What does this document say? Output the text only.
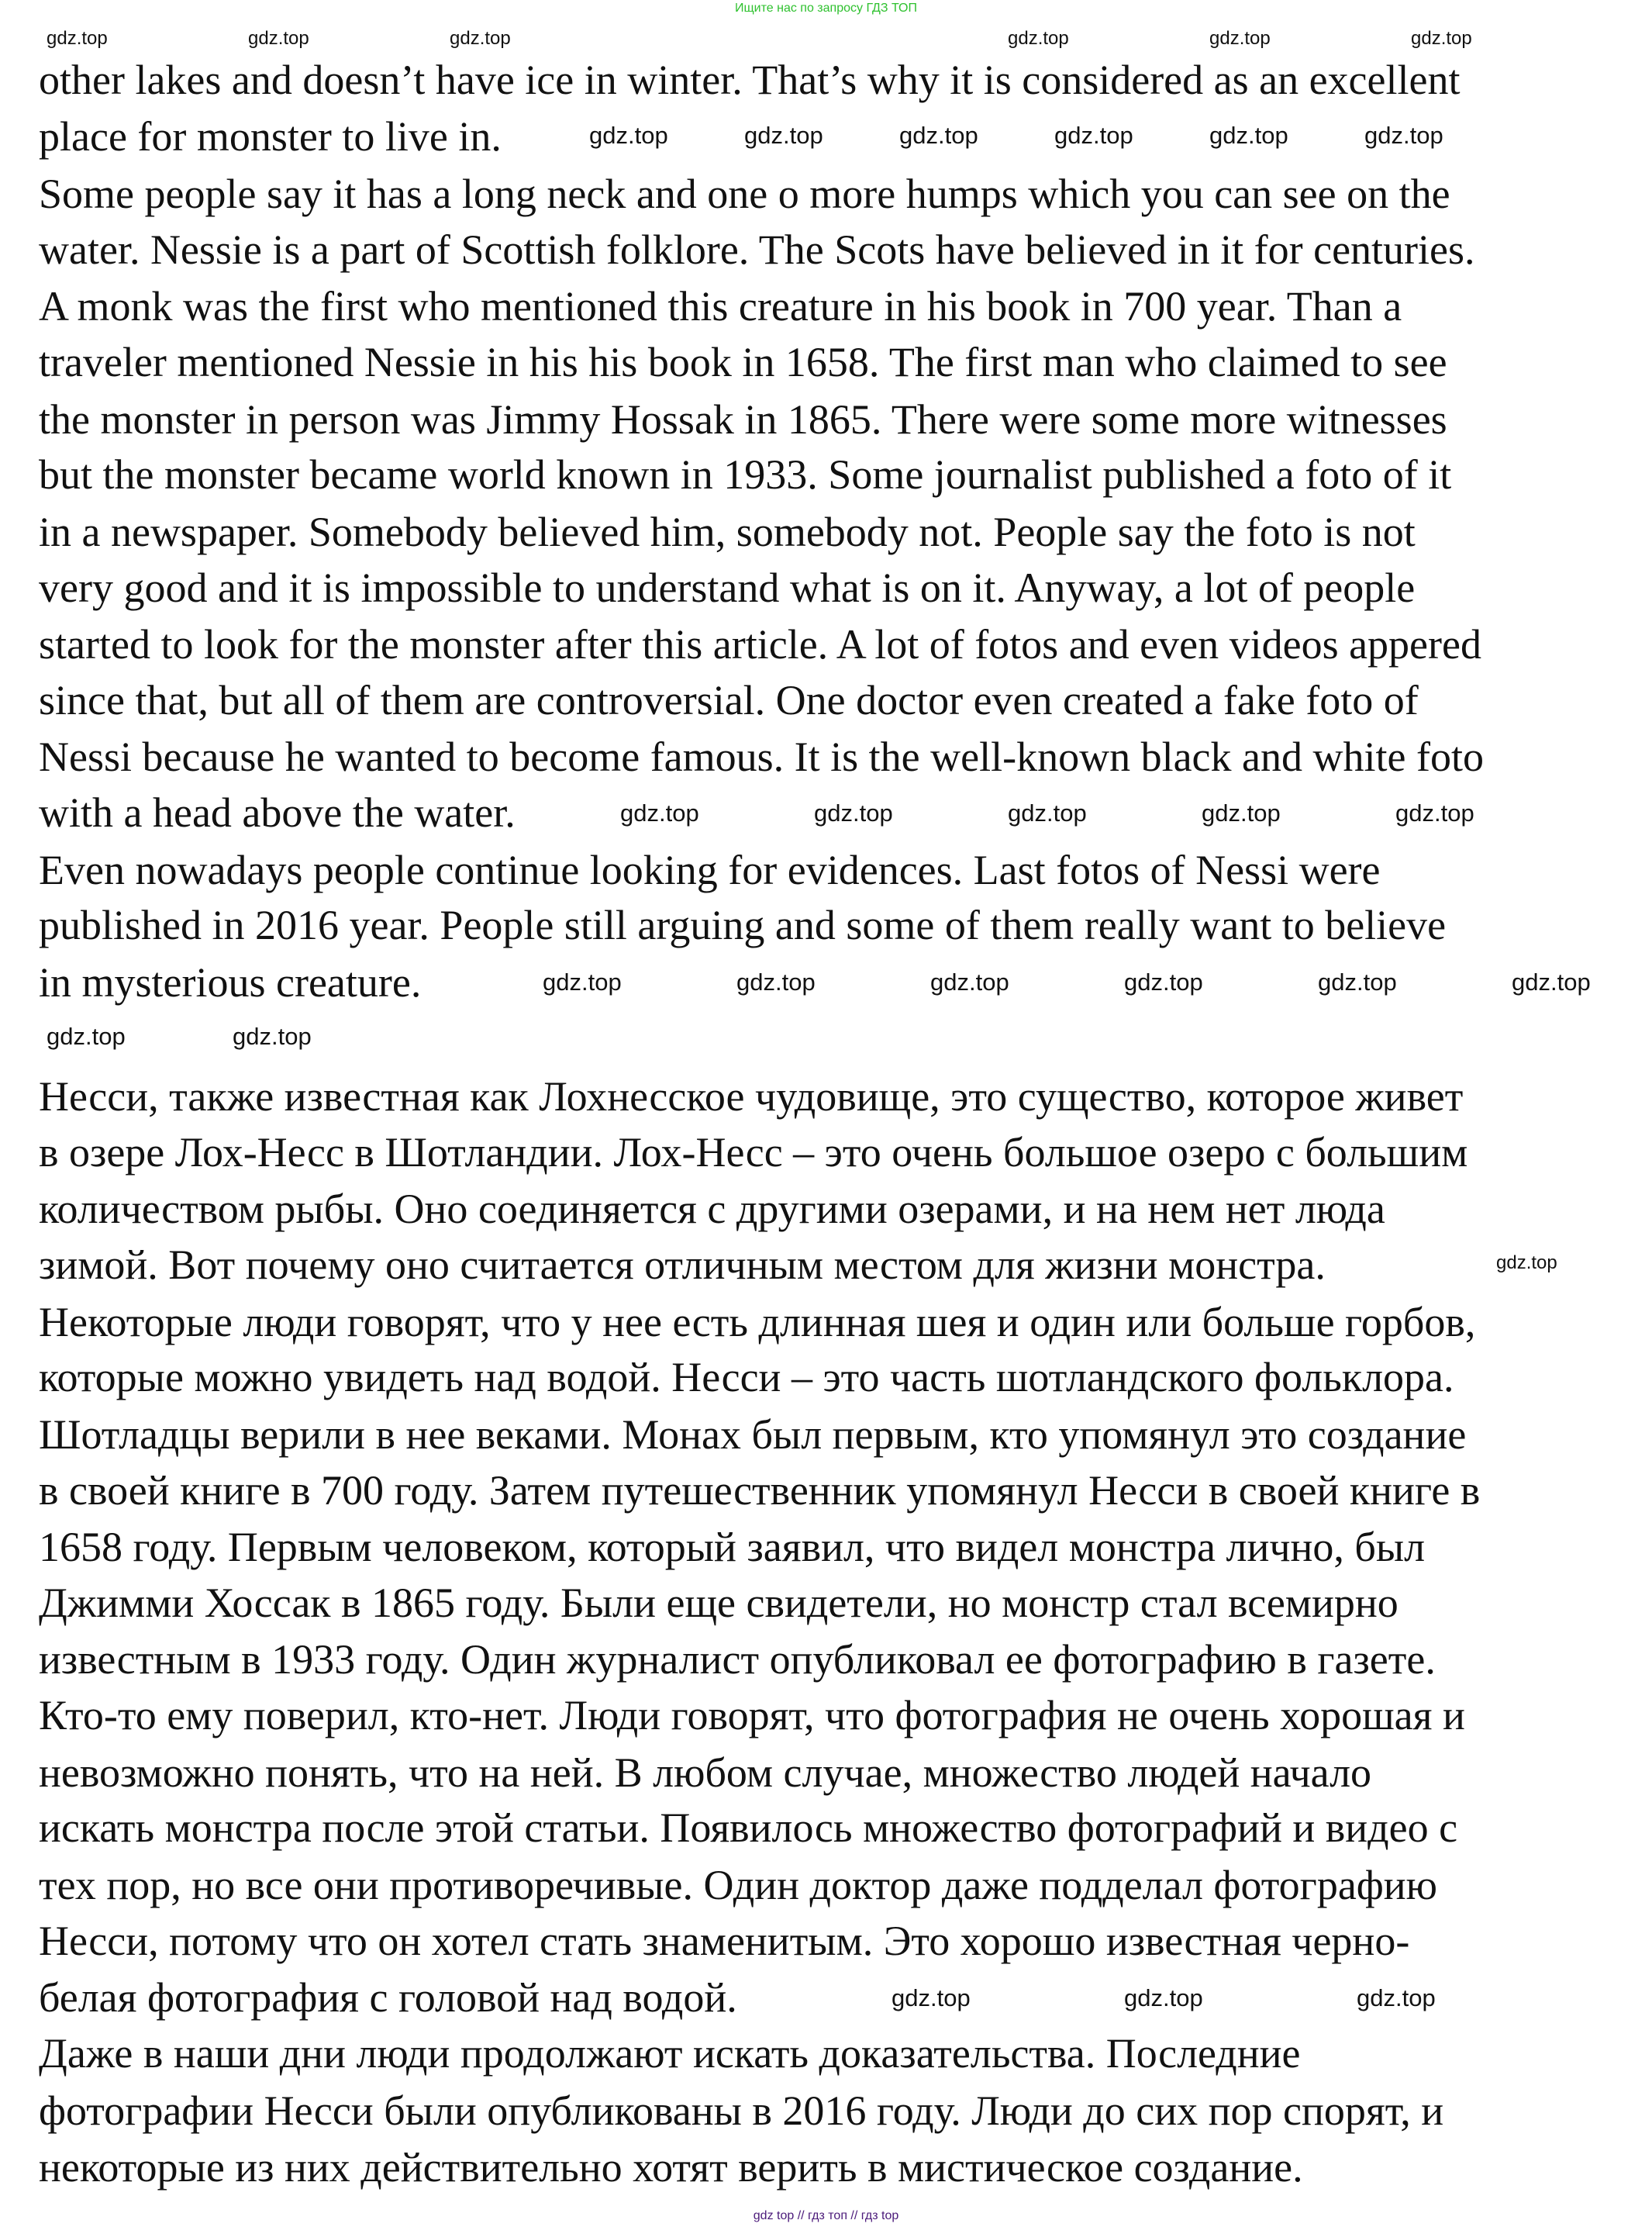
Ищите нас по запросу ГДЗ ТОП
other lakes and doesn’t have ice in winter. That’s why it is considered as an excellent
place for monster to live in.
Some people say it has a long neck and one o more humps which you can see on the
water. Nessie is a part of Scottish folklore. The Scots have believed in it for centuries.
A monk was the first who mentioned this creature in his book in 700 year. Than a
traveler mentioned Nessie in his his book in 1658. The first man who claimed to see
the monster in person was Jimmy Hossak in 1865. There were some more witnesses
but the monster became world known in 1933. Some journalist published a foto of it
in a newspaper. Somebody believed him, somebody not. People say the foto is not
very good and it is impossible to understand what is on it. Anyway, a lot of people
started to look for the monster after this article. A lot of fotos and even videos appered
since that, but all of them are controversial. One doctor even created a fake foto of
Nessi because he wanted to become famous. It is the well-known black and white foto
with a head above the water.
Even nowadays people continue looking for evidences. Last fotos of Nessi were
published in 2016 year. People still arguing and some of them really want to believe
in mysterious creature.
Несси, также известная как Лохнесское чудовище, это существо, которое живет
в озере Лох-Несс в Шотландии. Лох-Несс – это очень большое озеро с большим
количеством рыбы. Оно соединяется с другими озерами, и на нем нет люда
зимой. Вот почему оно считается отличным местом для жизни монстра.
Некоторые люди говорят, что у нее есть длинная шея и один или больше горбов,
которые можно увидеть над водой. Несси – это часть шотландского фольклора.
Шотладцы верили в нее веками. Монах был первым, кто упомянул это создание
в своей книге в 700 году. Затем путешественник упомянул Несси в своей книге в
1658 году. Первым человеком, который заявил, что видел монстра лично, был
Джимми Хоссак в 1865 году. Были еще свидетели, но монстр стал всемирно
известным в 1933 году. Один журналист опубликовал ее фотографию в газете.
Кто-то ему поверил, кто-нет. Люди говорят, что фотография не очень хорошая и
невозможно понять, что на ней. В любом случае, множество людей начало
искать монстра после этой статьи. Появилось множество фотографий и видео с
тех пор, но все они противоречивые. Один доктор даже подделал фотографию
Несси, потому что он хотел стать знаменитым. Это хорошо известная черно-
белая фотография с головой над водой.
Даже в наши дни люди продолжают искать доказательства. Последние
фотографии Несси были опубликованы в 2016 году. Люди до сих пор спорят, и
некоторые из них действительно хотят верить в мистическое создание.
gdz.top	gdz.top	gdz.top	gdz.top	gdz.top	gdz.top
gdz.top	gdz.top	gdz.top	gdz.top	gdz.top	gdz.top
gdz.top	gdz.top	gdz.top	gdz.top	gdz.top
gdz.top	gdz.top	gdz.top	gdz.top	gdz.top	gdz.top
gdz.top	gdz.top
gdz.top
gdz.top	gdz.top	gdz.top
gdz top // гдз топ // гдз top
